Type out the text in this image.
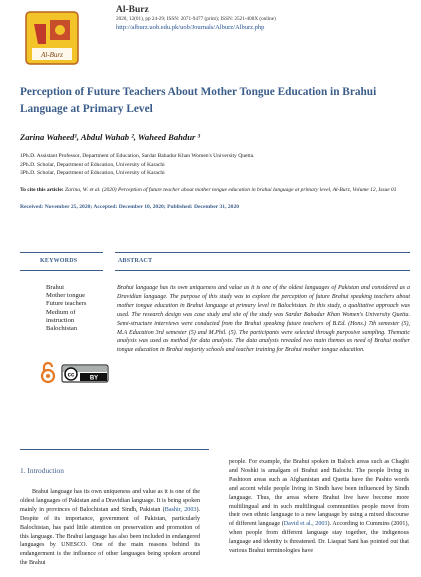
Al-Burz
Al-Burz
2020, 12(01), pp 24-29; ISSN: 2071-9477 (print); ISSN: 2521-408X (online)
http://alburz.uob.edu.pk/uob/Journals/Alburz/Alburz.php
Perception of Future Teachers About Mother Tongue Education in Brahui Language at Primary Level
Zarina Waheed¹, Abdul Wahab ², Waheed Bahdur ³
1Ph.D. Assistant Professor, Department of Education, Sardar Bahadur Khan Women's University Quetta.
2Ph.D. Scholar, Department of Education, University of Karachi
3Ph.D. Scholar, Department of Education, University of Karachi
To cite this article: Zarina, W. et al. (2020) Perception of future teacher about mother tongue education in brahui language at primary level, Al-Burz, Volume 12, Issue 01
Received: November 25, 2020; Accepted: December 10, 2020; Published: December 31, 2020
KEYWORDS	ABSTRACT
Brahui
Mother tongue
Future teachers
Medium of
instruction
Balochistan
Brahui language has its own uniqueness and value as it is one of the oldest languages of Pakistan and considered as a Dravidian language. The purpose of this study was to explore the perception of future Brahui speaking teachers about mother tongue education in Brahui language at primary level in Balochistan. In this study, a qualitative approach was used. The research design was case study and site of the study was Sardar Bahadur Khan Women's University Quetta. Semi-structure interviews were conducted from the Brahui speaking future teachers of B.Ed. (Hons.) 7th semester (5), M.A Education 3rd semester (5) and M.Phil. (5). The participants were selected through purposive sampling. Thematic analysis was used as method for data analysis. The data analysis revealed two main themes as need of Brahui mother tongue education in Brahui majority schools and teacher training for Brahui mother tongue education.
cc	BY
1. Introduction
Brahui language has its own uniqueness and value as it is one of the oldest languages of Pakistan and a Dravidian language. It is being spoken mainly in provinces of Balochistan and Sindh, Pakistan (Bashir, 2003). Despite of its importance, government of Pakistan, particularly Balochistan, has paid little attention on preservation and promotion of this language. The Brahui language has also been included in endangered languages by UNESCO. One of the main reasons behind its endangerment is the influence of other languages being spoken around the Brahui
people. For example, the Brahui spoken in Baloch areas such as Chaghi and Noshki is amalgam of Brahui and Balochi. The people living in Pashtoon areas such as Afghanistan and Quetta have the Pashto words and accent while people living in Sindh have been influenced by Sindh language. Thus, the areas where Brahui live have become more multilingual and in such multilingual communities people move from their own ethnic language to a new language by using a mixed discourse of different language (David et al., 2003). According to Cummins (2001), when people from different language stay together, the indigenous language and identity is threatened. Dr. Liaquat Sani has pointed out that various Brahui terminologies have
